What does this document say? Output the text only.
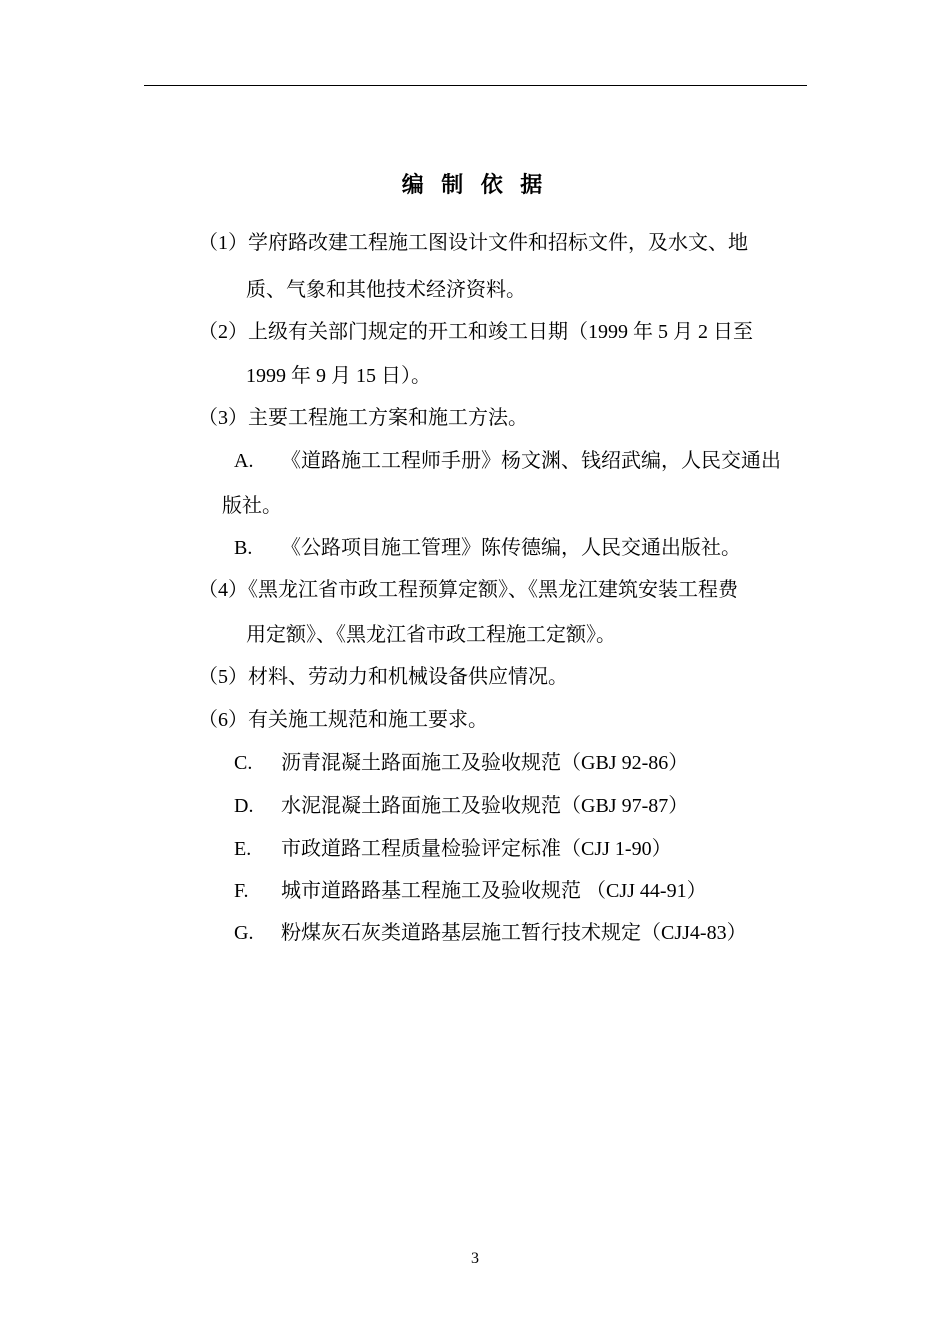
编 制 依 据
（1）学府路改建工程施工图设计文件和招标文件，及水文、地
质、气象和其他技术经济资料。
（2）上级有关部门规定的开工和竣工日期（1999 年 5 月 2 日至
1999 年 9 月 15 日）。
（3）主要工程施工方案和施工方法。
A. 《道路施工工程师手册》杨文渊、钱绍武编，人民交通出
版社。
B. 《公路项目施工管理》陈传德编，人民交通出版社。
（4）《黑龙江省市政工程预算定额》、《黑龙江建筑安装工程费
用定额》、《黑龙江省市政工程施工定额》。
（5）材料、劳动力和机械设备供应情况。
（6）有关施工规范和施工要求。
C. 沥青混凝土路面施工及验收规范（GBJ 92-86）
D. 水泥混凝土路面施工及验收规范（GBJ 97-87）
E. 市政道路工程质量检验评定标准（CJJ 1-90）
F. 城市道路路基工程施工及验收规范 （CJJ 44-91）
G. 粉煤灰石灰类道路基层施工暂行技术规定（CJJ4-83）
3
